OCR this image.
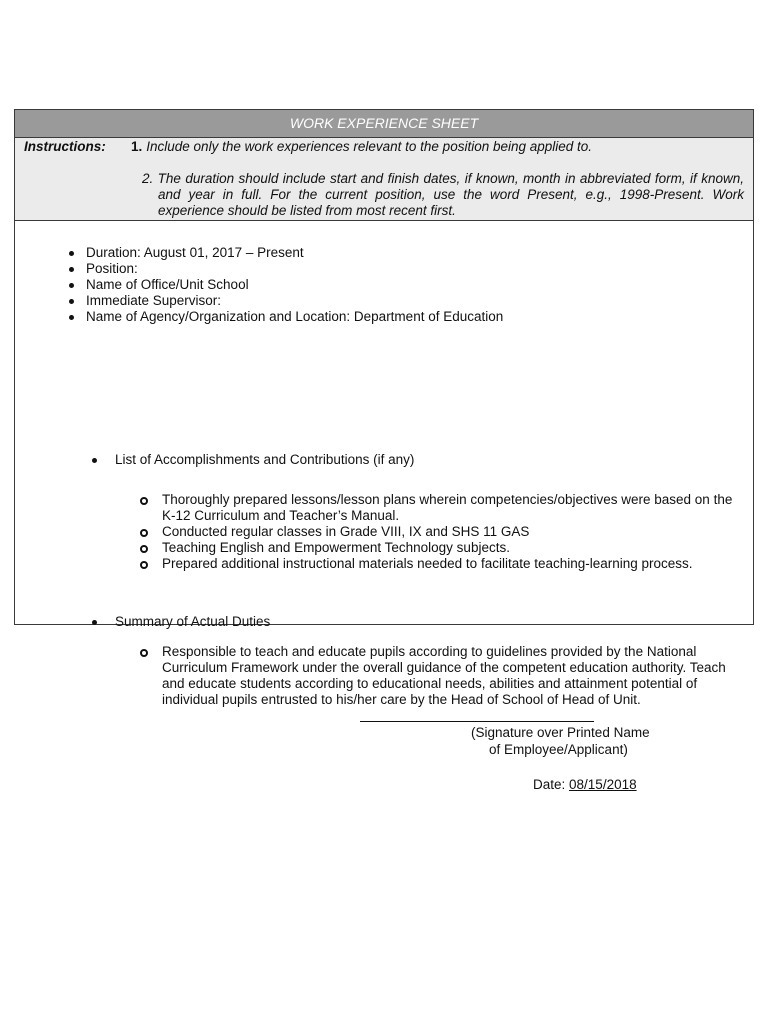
WORK EXPERIENCE SHEET
Instructions: 1. Include only the work experiences relevant to the position being applied to.
2. The duration should include start and finish dates, if known, month in abbreviated form, if known, and year in full. For the current position, use the word Present, e.g., 1998-Present. Work experience should be listed from most recent first.
Duration: August 01, 2017 – Present
Position:
Name of Office/Unit School
Immediate Supervisor:
Name of Agency/Organization and Location: Department of Education
List of Accomplishments and Contributions (if any)
Thoroughly prepared lessons/lesson plans wherein competencies/objectives were based on the K-12 Curriculum and Teacher’s Manual.
Conducted regular classes in Grade VIII, IX and SHS 11 GAS
Teaching English and Empowerment Technology subjects.
Prepared additional instructional materials needed to facilitate teaching-learning process.
Summary of Actual Duties
Responsible to teach and educate pupils according to guidelines provided by the National Curriculum Framework under the overall guidance of the competent education authority. Teach and educate students according to educational needs, abilities and attainment potential of individual pupils entrusted to his/her care by the Head of School of Head of Unit.
(Signature over Printed Name
of Employee/Applicant)
Date: 08/15/2018
